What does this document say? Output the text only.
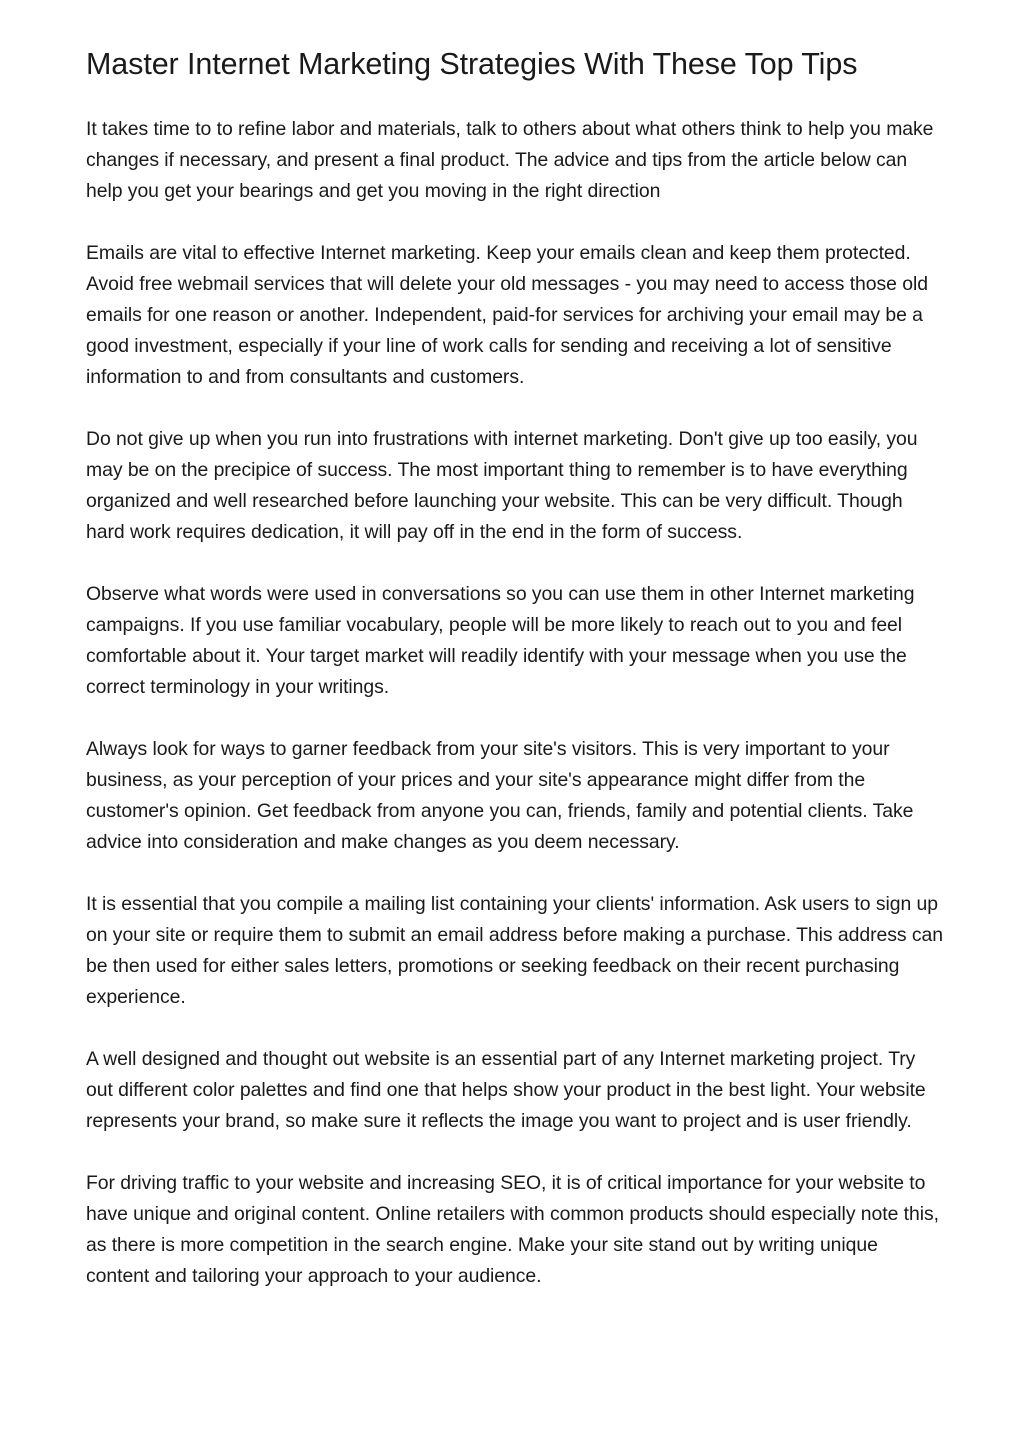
Master Internet Marketing Strategies With These Top Tips

It takes time to to refine labor and materials, talk to others about what others think to help you make changes if necessary, and present a final product. The advice and tips from the article below can help you get your bearings and get you moving in the right direction

Emails are vital to effective Internet marketing. Keep your emails clean and keep them protected. Avoid free webmail services that will delete your old messages - you may need to access those old emails for one reason or another. Independent, paid-for services for archiving your email may be a good investment, especially if your line of work calls for sending and receiving a lot of sensitive information to and from consultants and customers.

Do not give up when you run into frustrations with internet marketing. Don't give up too easily, you may be on the precipice of success. The most important thing to remember is to have everything organized and well researched before launching your website. This can be very difficult. Though hard work requires dedication, it will pay off in the end in the form of success.

Observe what words were used in conversations so you can use them in other Internet marketing campaigns. If you use familiar vocabulary, people will be more likely to reach out to you and feel comfortable about it. Your target market will readily identify with your message when you use the correct terminology in your writings.

Always look for ways to garner feedback from your site's visitors. This is very important to your business, as your perception of your prices and your site's appearance might differ from the customer's opinion. Get feedback from anyone you can, friends, family and potential clients. Take advice into consideration and make changes as you deem necessary.

It is essential that you compile a mailing list containing your clients' information. Ask users to sign up on your site or require them to submit an email address before making a purchase. This address can be then used for either sales letters, promotions or seeking feedback on their recent purchasing experience.

A well designed and thought out website is an essential part of any Internet marketing project. Try out different color palettes and find one that helps show your product in the best light. Your website represents your brand, so make sure it reflects the image you want to project and is user friendly.

For driving traffic to your website and increasing SEO, it is of critical importance for your website to have unique and original content. Online retailers with common products should especially note this, as there is more competition in the search engine. Make your site stand out by writing unique content and tailoring your approach to your audience.
